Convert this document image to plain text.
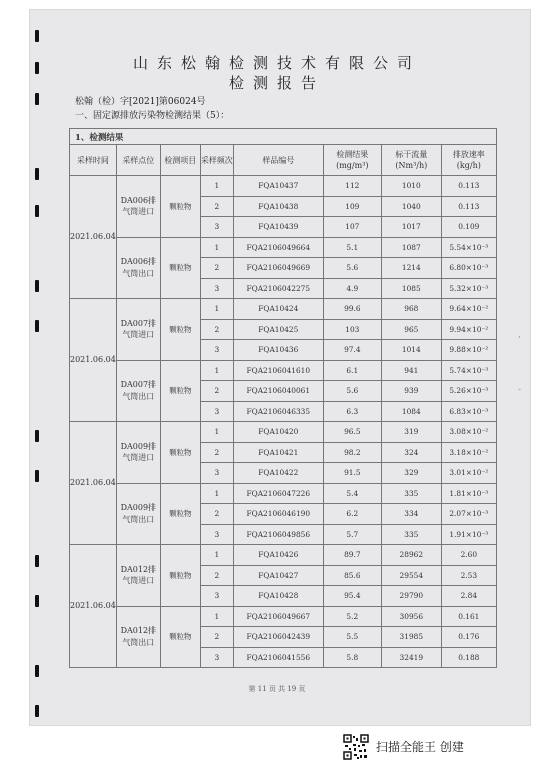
山东松翰检测技术有限公司
检测报告
松翰（检）字[2021]第06024号
一、固定源排放污染物检测结果（5）：
1、检测结果							
采样时间	采样点位	检测项目	采样频次	样品编号	检测结果 (mg/m³)	标干流量 (Nm³/h)	排放速率 (kg/h)
2021.06.04	DA006排气筒进口	颗粒物	1	FQA10437	112	1010	0.113
			2	FQA10438	109	1040	0.113
			3	FQA10439	107	1017	0.109
	DA006排气筒出口	颗粒物	1	FQA2106049664	5.1	1087	5.54×10⁻³
			2	FQA2106049669	5.6	1214	6.80×10⁻³
			3	FQA2106042275	4.9	1085	5.32×10⁻³
2021.06.04	DA007排气筒进口	颗粒物	1	FQA10424	99.6	968	9.64×10⁻²
			2	FQA10425	103	965	9.94×10⁻²
			3	FQA10436	97.4	1014	9.88×10⁻²
	DA007排气筒出口	颗粒物	1	FQA2106041610	6.1	941	5.74×10⁻³
			2	FQA2106040061	5.6	939	5.26×10⁻³
			3	FQA2106046335	6.3	1084	6.83×10⁻³
2021.06.04	DA009排气筒进口	颗粒物	1	FQA10420	96.5	319	3.08×10⁻²
			2	FQA10421	98.2	324	3.18×10⁻²
			3	FQA10422	91.5	329	3.01×10⁻²
	DA009排气筒出口	颗粒物	1	FQA2106047226	5.4	335	1.81×10⁻³
			2	FQA2106046190	6.2	334	2.07×10⁻³
			3	FQA2106049856	5.7	335	1.91×10⁻³
2021.06.04	DA012排气筒进口	颗粒物	1	FQA10426	89.7	28962	2.60
			2	FQA10427	85.6	29554	2.53
			3	FQA10428	95.4	29790	2.84
	DA012排气筒出口	颗粒物	1	FQA2106049667	5.2	30956	0.161
			2	FQA2106042439	5.5	31985	0.176
			3	FQA2106041556	5.8	32419	0.188
,
-
第 11 页 共 19 页
扫描全能王 创建
